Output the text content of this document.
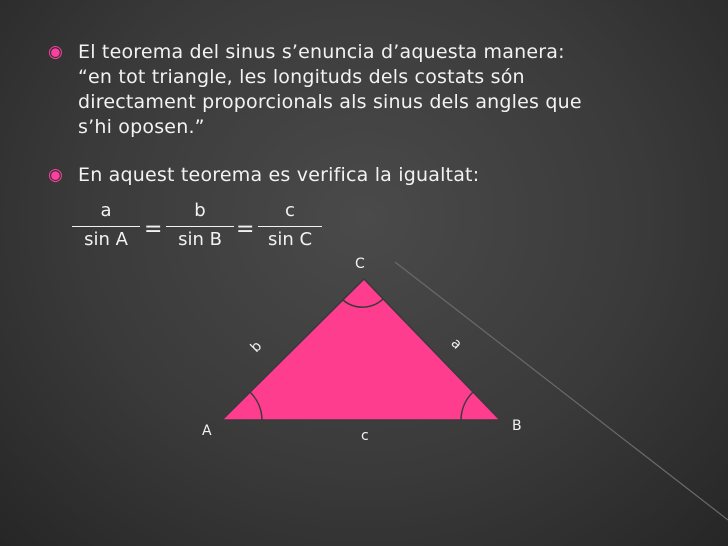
◉ El teorema del sinus s’enuncia d’aquesta manera:
“en tot triangle, les longituds dels costats són
directament proporcionals als sinus dels angles que
s’hi oposen.”
◉ En aquest teorema es verifica la igualtat:
a
sin A =
b
sin B =
c
sin C
C
A	B
b	a
c
